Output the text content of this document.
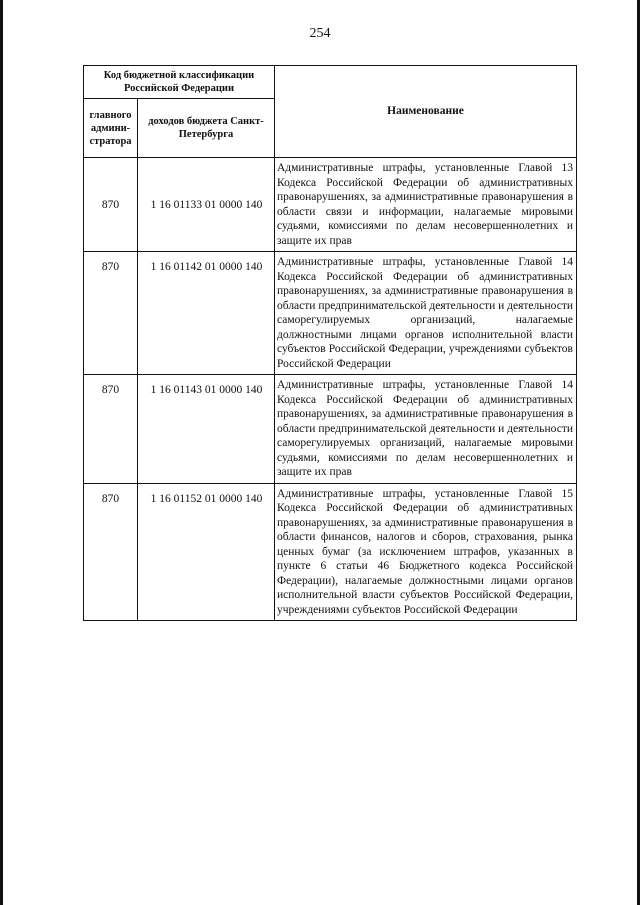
254
Код бюджетной классификации Российской Федерации		Наименование
главного админи-стратора	доходов бюджета Санкт-Петербурга	
870	1 16 01133 01 0000 140	Административные штрафы, установленные Главой 13 Кодекса Российской Федерации об административных правонарушениях, за административные правонарушения в области связи и информации, налагаемые мировыми судьями, комиссиями по делам несовершеннолетних и защите их прав
870	1 16 01142 01 0000 140	Административные штрафы, установленные Главой 14 Кодекса Российской Федерации об административных правонарушениях, за административные правонарушения в области предпринимательской деятельности и деятельности саморегулируемых организаций, налагаемые должностными лицами органов исполнительной власти субъектов Российской Федерации, учреждениями субъектов Российской Федерации
870	1 16 01143 01 0000 140	Административные штрафы, установленные Главой 14 Кодекса Российской Федерации об административных правонарушениях, за административные правонарушения в области предпринимательской деятельности и деятельности саморегулируемых организаций, налагаемые мировыми судьями, комиссиями по делам несовершеннолетних и защите их прав
870	1 16 01152 01 0000 140	Административные штрафы, установленные Главой 15 Кодекса Российской Федерации об административных правонарушениях, за административные правонарушения в области финансов, налогов и сборов, страхования, рынка ценных бумаг (за исключением штрафов, указанных в пункте 6 статьи 46 Бюджетного кодекса Российской Федерации), налагаемые должностными лицами органов исполнительной власти субъектов Российской Федерации, учреждениями субъектов Российской Федерации
